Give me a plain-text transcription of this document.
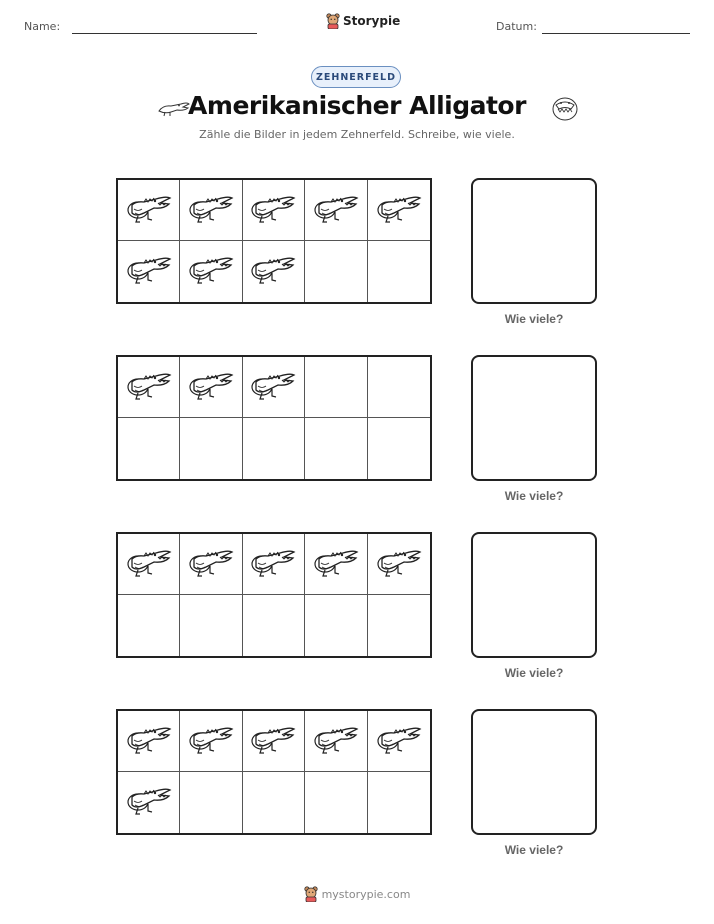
Name:	Storypie	Datum:
ZEHNERFELD
Amerikanischer Alligator
Zähle die Bilder in jedem Zehnerfeld. Schreibe, wie viele.
Wie viele?
Wie viele?
Wie viele?
Wie viele?
mystorypie.com
